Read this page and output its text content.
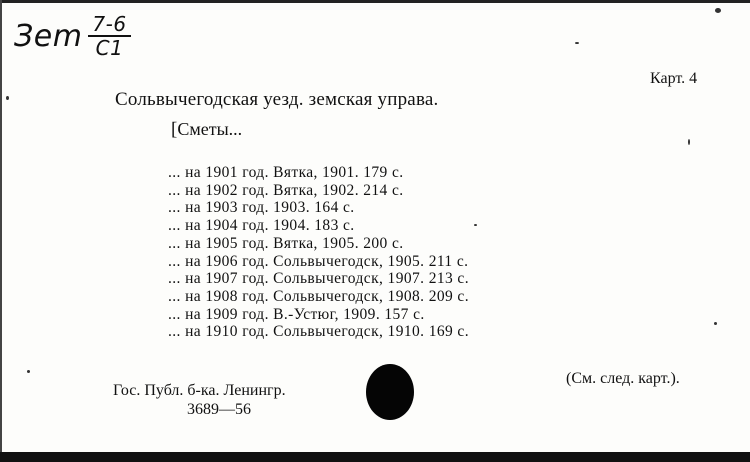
Зem $\frac{7-6}{C1}$
Карт. 4
Сольвычегодская уезд. земская управа.
[Сметы...
... на 1901 год. Вятка, 1901. 179 с.
... на 1902 год. Вятка, 1902. 214 с.
... на 1903 год. 1903. 164 с.
... на 1904 год. 1904. 183 с.
... на 1905 год. Вятка, 1905. 200 с.
... на 1906 год. Сольвычегодск, 1905. 211 с.
... на 1907 год. Сольвычегодск, 1907. 213 с.
... на 1908 год. Сольвычегодск, 1908. 209 с.
... на 1909 год. В.-Устюг, 1909. 157 с.
... на 1910 год. Сольвычегодск, 1910. 169 с.
Гос. Публ. б-ка. Ленингр.
3689—56
(См. след. карт.).
